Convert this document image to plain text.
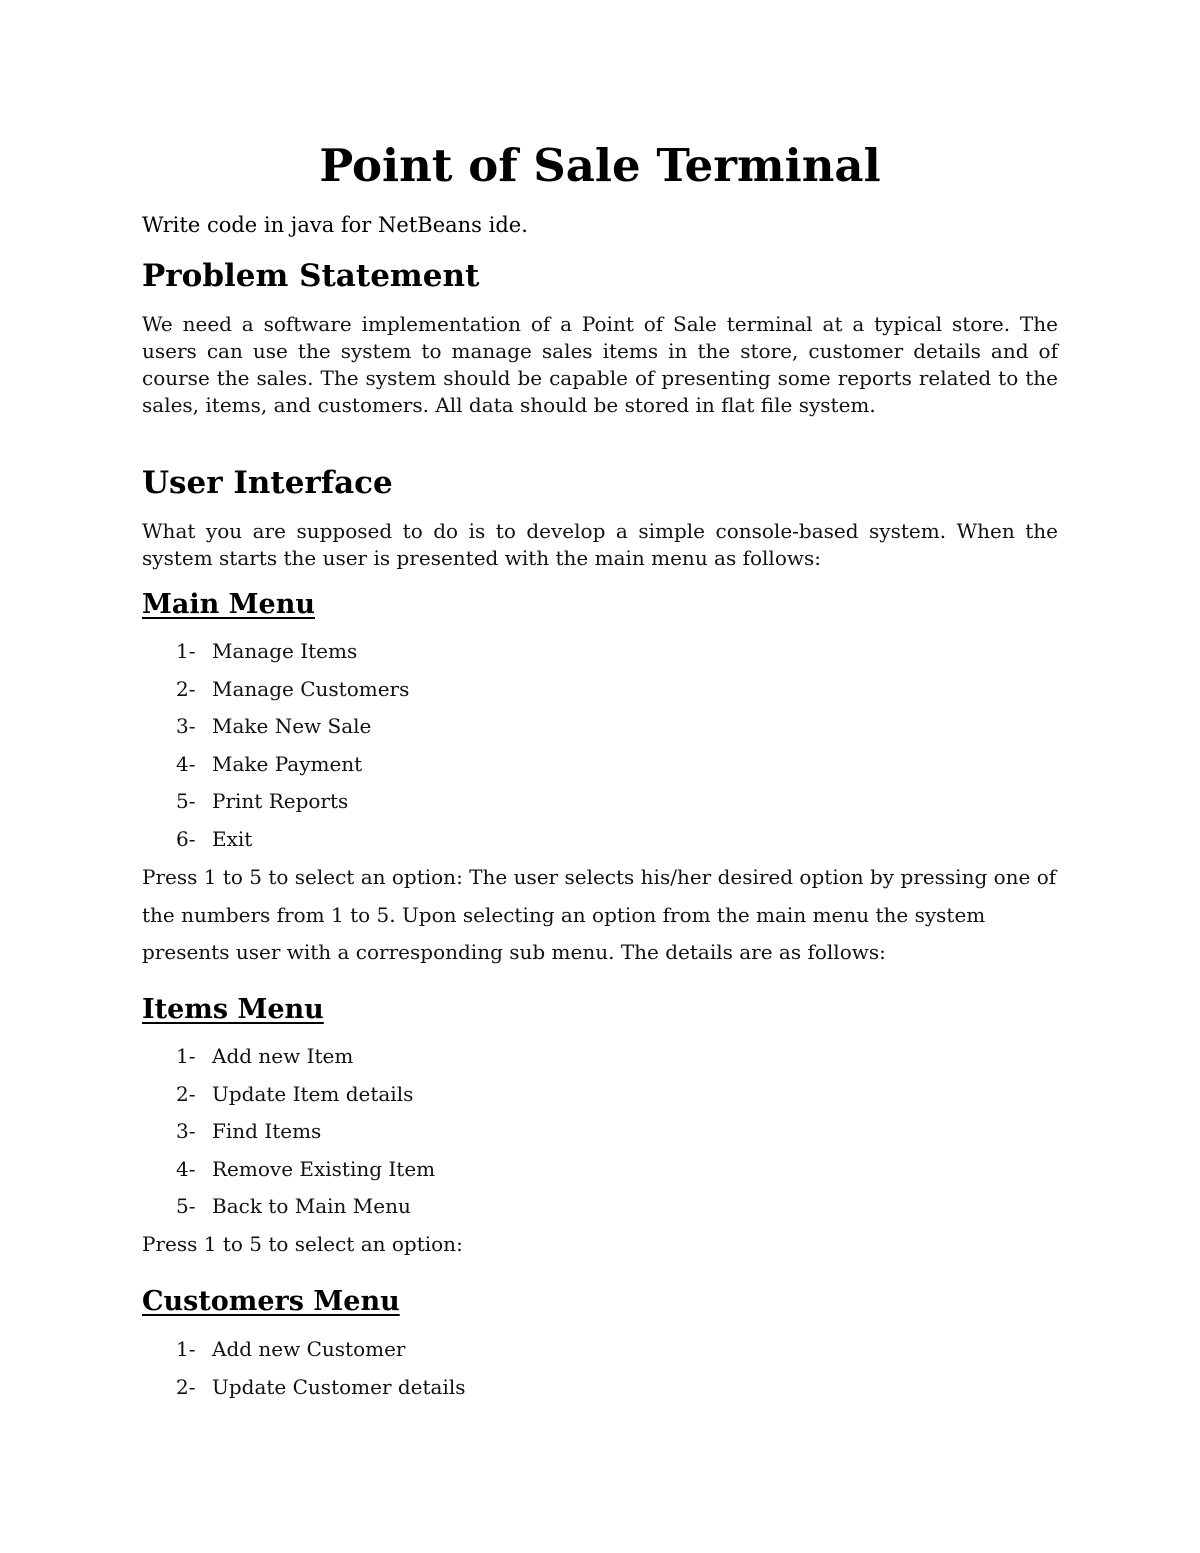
Point of Sale Terminal

Write code in java for NetBeans ide.

Problem Statement

We need a software implementation of a Point of Sale terminal at a typical store. The users can use the system to manage sales items in the store, customer details and of course the sales. The system should be capable of presenting some reports related to the sales, items, and customers. All data should be stored in flat file system.

User Interface

What you are supposed to do is to develop a simple console-based system. When the system starts the user is presented with the main menu as follows:

Main Menu
1- Manage Items
2- Manage Customers
3- Make New Sale
4- Make Payment
5- Print Reports
6- Exit

Press 1 to 5 to select an option: The user selects his/her desired option by pressing one of the numbers from 1 to 5. Upon selecting an option from the main menu the system presents user with a corresponding sub menu. The details are as follows:

Items Menu
1- Add new Item
2- Update Item details
3- Find Items
4- Remove Existing Item
5- Back to Main Menu

Press 1 to 5 to select an option:

Customers Menu
1- Add new Customer
2- Update Customer details
